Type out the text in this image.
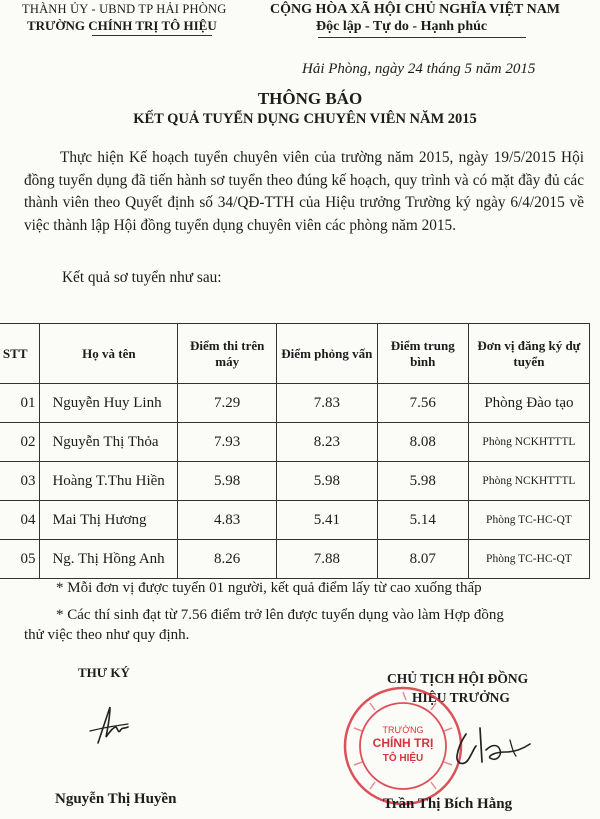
THÀNH ỦY - UBND TP HẢI PHÒNG
TRƯỜNG CHÍNH TRỊ TÔ HIỆU
CỘNG HÒA XÃ HỘI CHỦ NGHĨA VIỆT NAM
Độc lập - Tự do - Hạnh phúc
Hải Phòng, ngày 24 tháng 5 năm 2015
THÔNG BÁO
KẾT QUẢ TUYỂN DỤNG CHUYÊN VIÊN NĂM 2015
Thực hiện Kế hoạch tuyển chuyên viên của trường năm 2015, ngày 19/5/2015 Hội đồng tuyển dụng đã tiến hành sơ tuyển theo đúng kế hoạch, quy trình và có mặt đầy đủ các thành viên theo Quyết định số 34/QĐ-TTH của Hiệu trưởng Trường ký ngày 6/4/2015 về việc thành lập Hội đồng tuyển dụng chuyên viên các phòng năm 2015.
Kết quả sơ tuyển như sau:
STT	Họ và tên	Điểm thi trên máy	Điểm phỏng vấn	Điểm trung bình	Đơn vị đăng ký dự tuyển
01	Nguyễn Huy Linh	7.29	7.83	7.56	Phòng Đào tạo
02	Nguyễn Thị Thỏa	7.93	8.23	8.08	Phòng NCKHTTTL
03	Hoàng T.Thu Hiền	5.98	5.98	5.98	Phòng NCKHTTTL
04	Mai Thị Hương	4.83	5.41	5.14	Phòng TC-HC-QT
05	Ng. Thị Hồng Anh	8.26	7.88	8.07	Phòng TC-HC-QT
* Mỗi đơn vị được tuyển 01 người, kết quả điểm lấy từ cao xuống thấp
* Các thí sinh đạt từ 7.56 điểm trở lên được tuyển dụng vào làm Hợp đồng
thử việc theo như quy định.
THƯ KÝ	CHỦ TỊCH HỘI ĐỒNG
HIỆU TRƯỞNG
TRƯỜNG
CHÍNH TRỊ
TÔ HIỆU
Nguyễn Thị Huyền	Trần Thị Bích Hằng
